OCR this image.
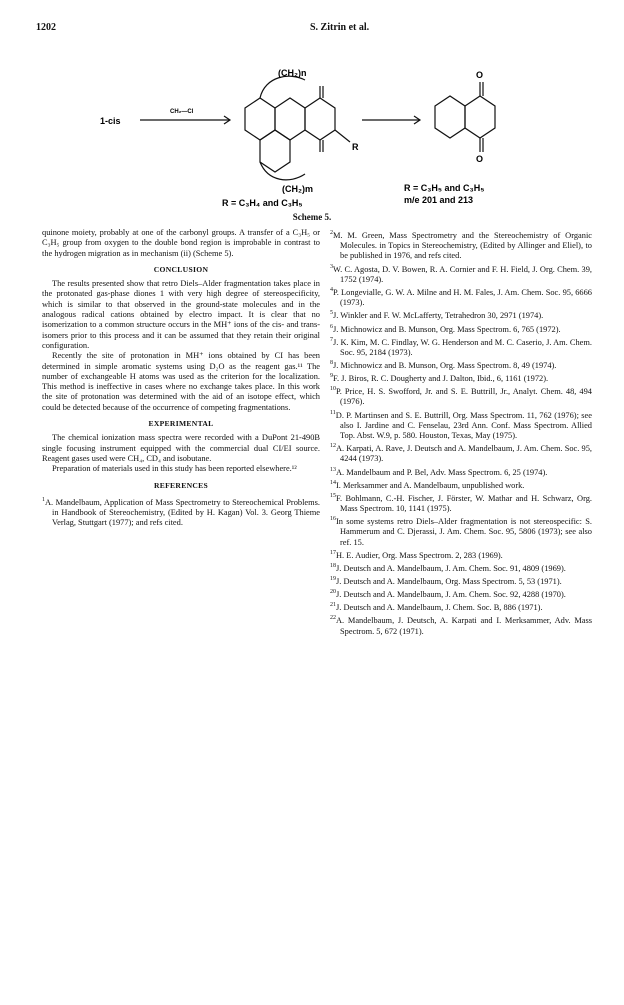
1202	S. Zitrin et al.
1-cis
CH₂—Cl
(CH₂)n
(CH₂)m
R
O
O
R = C₃H₄ and C₃H₅
R = C₃H₅ and C₃H₅
m/e 201 and 213
Scheme 5.

quinone moiety, probably at one of the carbonyl groups. A transfer of a C₃H₅ or C₃H₅ group from oxygen to the double bond region is improbable in contrast to the hydrogen migration as in mechanism (ii) (Scheme 5).

CONCLUSION

The results presented show that retro Diels–Alder fragmentation takes place in the protonated gas-phase diones 1 with very high degree of stereospecificity, which is similar to that observed in the ground-state molecules and in the analogous radical cations obtained by electro impact. It is clear that no isomerization to a common structure occurs in the MH⁺ ions of the cis- and trans-isomers prior to this process and it can be assumed that they retain their original configuration.

Recently the site of protonation in MH⁺ ions obtained by CI has been determined in simple aromatic systems using D₂O as the reagent gas.¹¹ The number of exchangeable H atoms was used as the criterion for the localization. This method is ineffective in cases where no exchange takes place. In this work the site of protonation was determined with the aid of an isotope effect, which could be detected because of the occurrence of competing fragmentations.

EXPERIMENTAL

The chemical ionization mass spectra were recorded with a DuPont 21-490B single focusing instrument equipped with the commercial dual CI/EI source. Reagent gases used were CH₄, CD₄ and isobutane.

Preparation of materials used in this study has been reported elsewhere.¹²

REFERENCES

$^1$A. Mandelbaum, Application of Mass Spectrometry to Stereochemical Problems. in Handbook of Stereochemistry, (Edited by H. Kagan) Vol. 3. Georg Thieme Verlag, Stuttgart (1977); and refs cited.

$^2$M. M. Green, Mass Spectrometry and the Stereochemistry of Organic Molecules. in Topics in Stereochemistry, (Edited by Allinger and Eliel), to be published in 1976, and refs cited.

$^3$W. C. Agosta, D. V. Bowen, R. A. Cornier and F. H. Field, J. Org. Chem. 39, 1752 (1974).

$^4$P. Longevialle, G. W. A. Milne and H. M. Fales, J. Am. Chem. Soc. 95, 6666 (1973).

$^5$J. Winkler and F. W. McLafferty, Tetrahedron 30, 2971 (1974).

$^6$J. Michnowicz and B. Munson, Org. Mass Spectrom. 6, 765 (1972).

$^7$J. K. Kim, M. C. Findlay, W. G. Henderson and M. C. Caserio, J. Am. Chem. Soc. 95, 2184 (1973).

$^8$J. Michnowicz and B. Munson, Org. Mass Spectrom. 8, 49 (1974).

$^9$F. J. Biros, R. C. Dougherty and J. Dalton, Ibid., 6, 1161 (1972).

$^{10}$P. Price, H. S. Swofford, Jr. and S. E. Buttrill, Jr., Analyt. Chem. 48, 494 (1976).

$^{11}$D. P. Martinsen and S. E. Buttrill, Org. Mass Spectrom. 11, 762 (1976); see also I. Jardine and C. Fenselau, 23rd Ann. Conf. Mass Spectrom. Allied Top. Abst. W.9, p. 580. Houston, Texas, May (1975).

$^{12}$A. Karpati, A. Rave, J. Deutsch and A. Mandelbaum, J. Am. Chem. Soc. 95, 4244 (1973).

$^{13}$A. Mandelbaum and P. Bel, Adv. Mass Spectrom. 6, 25 (1974).

$^{14}$I. Merksammer and A. Mandelbaum, unpublished work.

$^{15}$F. Bohlmann, C.-H. Fischer, J. Förster, W. Mathar and H. Schwarz, Org. Mass Spectrom. 10, 1141 (1975).

$^{16}$In some systems retro Diels–Alder fragmentation is not stereospecific: S. Hammerum and C. Djerassi, J. Am. Chem. Soc. 95, 5806 (1973); see also ref. 15.

$^{17}$H. E. Audier, Org. Mass Spectrom. 2, 283 (1969).

$^{18}$J. Deutsch and A. Mandelbaum, J. Am. Chem. Soc. 91, 4809 (1969).

$^{19}$J. Deutsch and A. Mandelbaum, Org. Mass Spectrom. 5, 53 (1971).

$^{20}$J. Deutsch and A. Mandelbaum, J. Am. Chem. Soc. 92, 4288 (1970).

$^{21}$J. Deutsch and A. Mandelbaum, J. Chem. Soc. B, 886 (1971).

$^{22}$A. Mandelbaum, J. Deutsch, A. Karpati and I. Merksammer, Adv. Mass Spectrom. 5, 672 (1971).
